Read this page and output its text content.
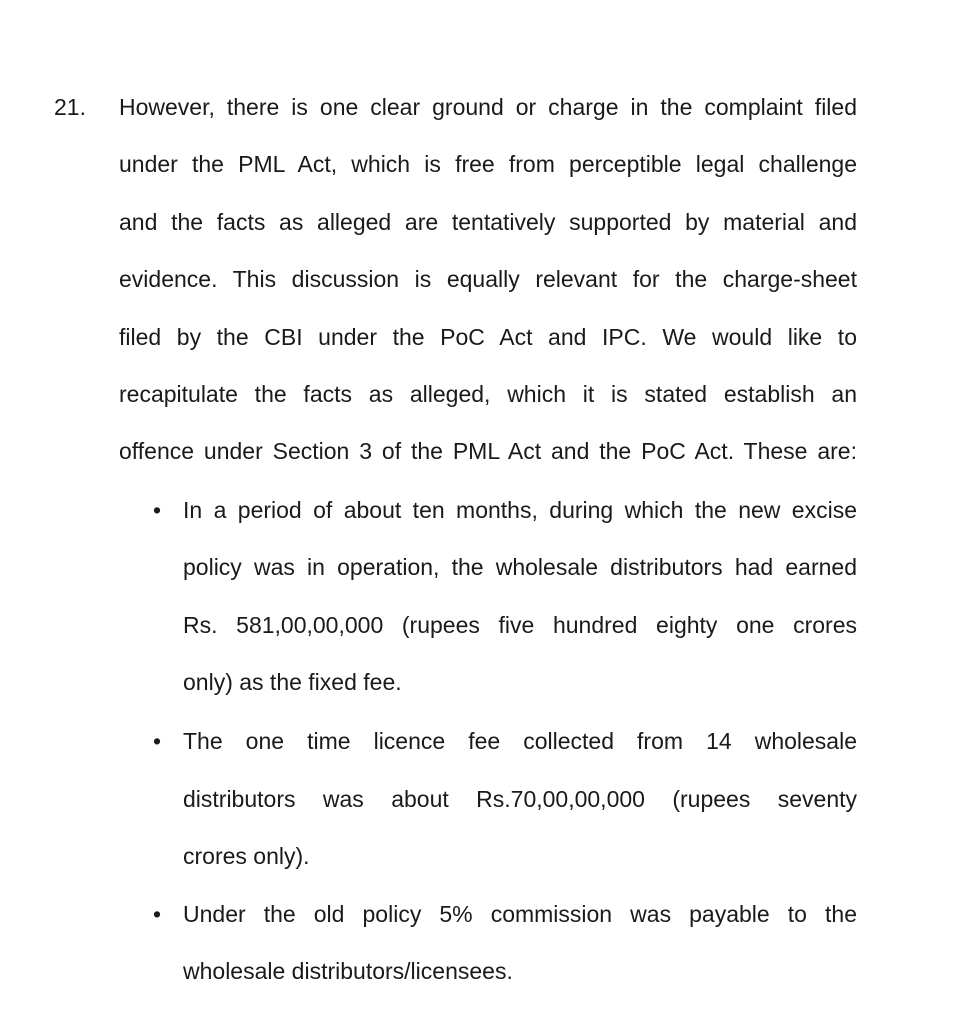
21. However, there is one clear ground or charge in the complaint filed
under the PML Act, which is free from perceptible legal challenge
and the facts as alleged are tentatively supported by material and
evidence. This discussion is equally relevant for the charge-sheet
filed by the CBI under the PoC Act and IPC. We would like to
recapitulate the facts as alleged, which it is stated establish an
offence under Section 3 of the PML Act and the PoC Act. These are:
• In a period of about ten months, during which the new excise
policy was in operation, the wholesale distributors had earned
Rs. 581,00,00,000 (rupees five hundred eighty one crores
only) as the fixed fee.
• The one time licence fee collected from 14 wholesale
distributors was about Rs.70,00,00,000 (rupees seventy
crores only).
• Under the old policy 5% commission was payable to the
wholesale distributors/licensees.
